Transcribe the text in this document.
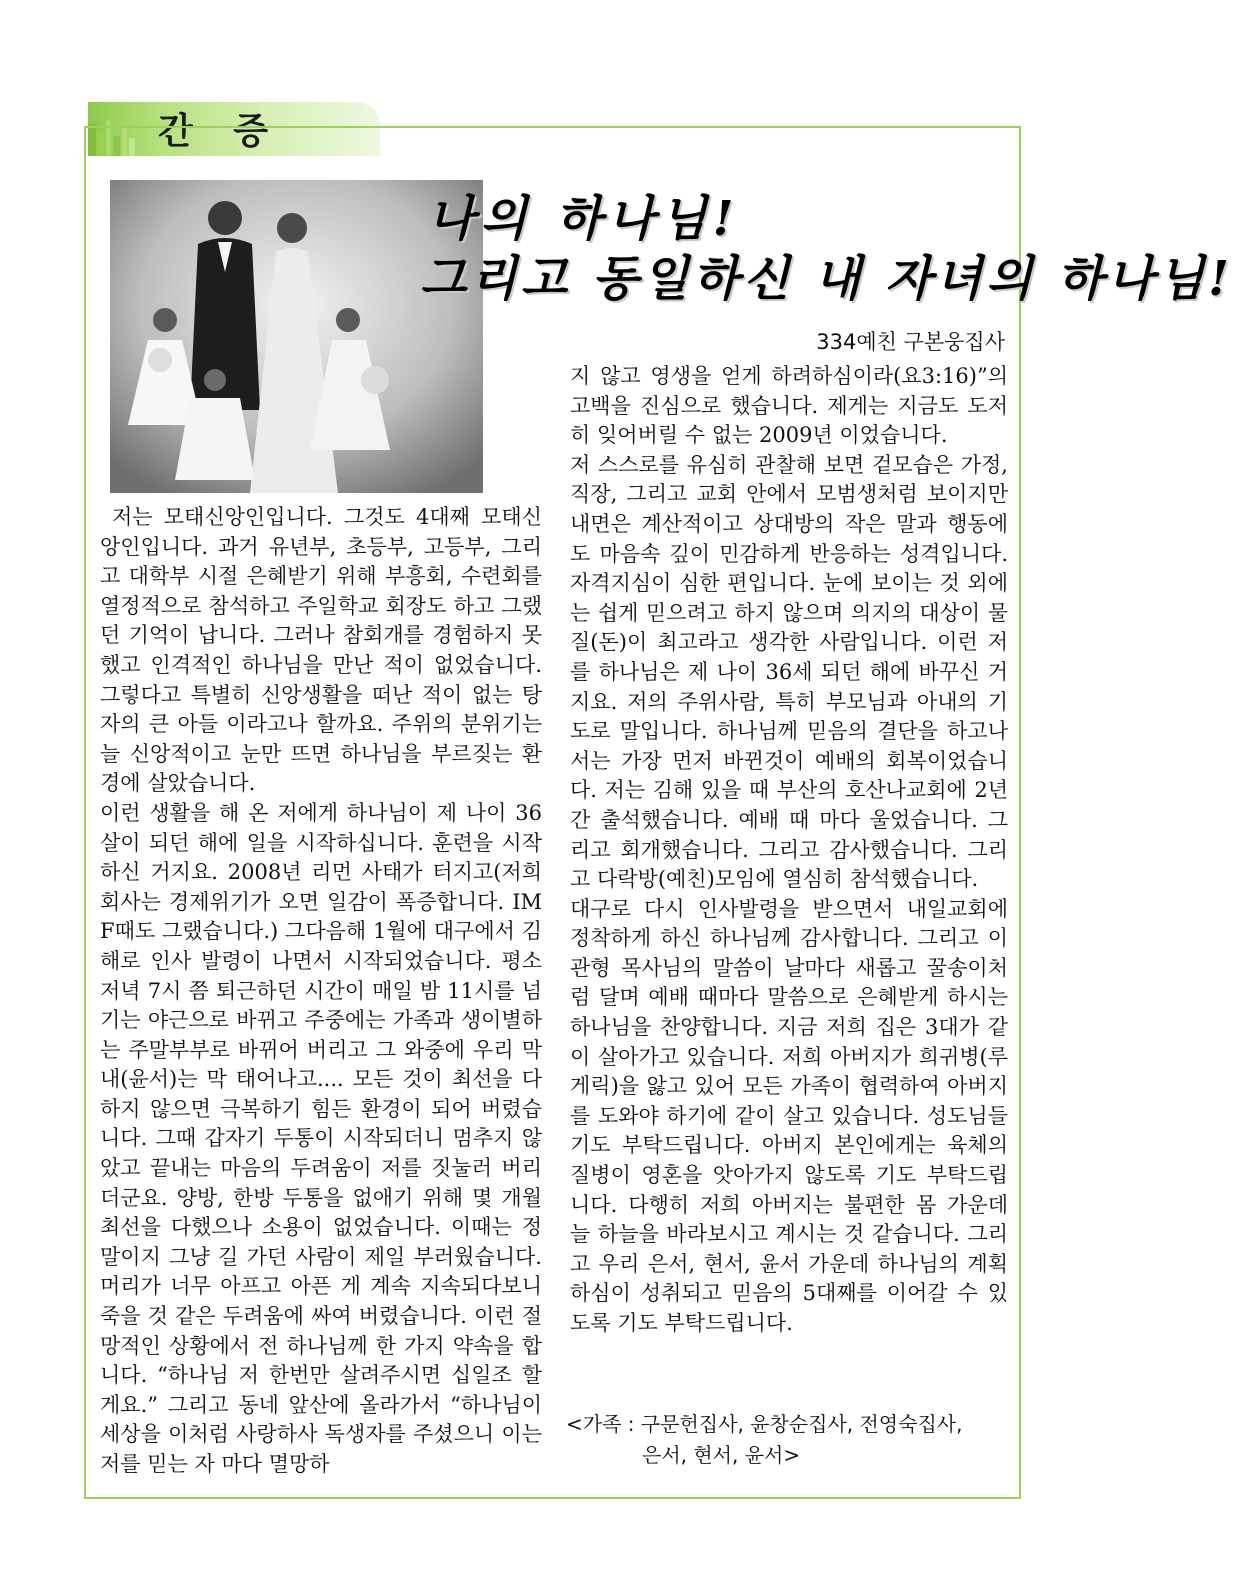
간 증
나의 하나님!
그리고 동일하신 내 자녀의 하나님!
334예친 구본웅집사

저는 모태신앙인입니다. 그것도 4대째 모태신앙인입니다. 과거 유년부, 초등부, 고등부, 그리고 대학부 시절 은혜받기 위해 부흥회, 수련회를 열정적으로 참석하고 주일학교 회장도 하고 그랬던 기억이 납니다. 그러나 참회개를 경험하지 못했고 인격적인 하나님을 만난 적이 없었습니다. 그렇다고 특별히 신앙생활을 떠난 적이 없는 탕자의 큰 아들 이라고나 할까요. 주위의 분위기는 늘 신앙적이고 눈만 뜨면 하나님을 부르짖는 환경에 살았습니다.

이런 생활을 해 온 저에게 하나님이 제 나이 36살이 되던 해에 일을 시작하십니다. 훈련을 시작하신 거지요. 2008년 리먼 사태가 터지고(저희 회사는 경제위기가 오면 일감이 폭증합니다. IMF때도 그랬습니다.) 그다음해 1월에 대구에서 김해로 인사 발령이 나면서 시작되었습니다. 평소 저녁 7시 쯤 퇴근하던 시간이 매일 밤 11시를 넘기는 야근으로 바뀌고 주중에는 가족과 생이별하는 주말부부로 바뀌어 버리고 그 와중에 우리 막내(윤서)는 막 태어나고.... 모든 것이 최선을 다하지 않으면 극복하기 힘든 환경이 되어 버렸습니다. 그때 갑자기 두통이 시작되더니 멈추지 않았고 끝내는 마음의 두려움이 저를 짓눌러 버리더군요. 양방, 한방 두통을 없애기 위해 몇 개월 최선을 다했으나 소용이 없었습니다. 이때는 정말이지 그냥 길 가던 사람이 제일 부러웠습니다. 머리가 너무 아프고 아픈 게 계속 지속되다보니 죽을 것 같은 두려움에 싸여 버렸습니다. 이런 절망적인 상황에서 전 하나님께 한 가지 약속을 합니다. “하나님 저 한번만 살려주시면 십일조 할게요.” 그리고 동네 앞산에 올라가서 “하나님이 세상을 이처럼 사랑하사 독생자를 주셨으니 이는 저를 믿는 자 마다 멸망하

지 않고 영생을 얻게 하려하심이라(요3:16)”의 고백을 진심으로 했습니다. 제게는 지금도 도저히 잊어버릴 수 없는 2009년 이었습니다.

저 스스로를 유심히 관찰해 보면 겉모습은 가정, 직장, 그리고 교회 안에서 모범생처럼 보이지만 내면은 계산적이고 상대방의 작은 말과 행동에도 마음속 깊이 민감하게 반응하는 성격입니다. 자격지심이 심한 편입니다. 눈에 보이는 것 외에는 쉽게 믿으려고 하지 않으며 의지의 대상이 물질(돈)이 최고라고 생각한 사람입니다. 이런 저를 하나님은 제 나이 36세 되던 해에 바꾸신 거지요. 저의 주위사람, 특히 부모님과 아내의 기도로 말입니다. 하나님께 믿음의 결단을 하고나서는 가장 먼저 바뀐것이 예배의 회복이었습니다. 저는 김해 있을 때 부산의 호산나교회에 2년간 출석했습니다. 예배 때 마다 울었습니다. 그리고 회개했습니다. 그리고 감사했습니다. 그리고 다락방(예친)모임에 열심히 참석했습니다.

대구로 다시 인사발령을 받으면서 내일교회에 정착하게 하신 하나님께 감사합니다. 그리고 이관형 목사님의 말씀이 날마다 새롭고 꿀송이처럼 달며 예배 때마다 말씀으로 은혜받게 하시는 하나님을 찬양합니다. 지금 저희 집은 3대가 같이 살아가고 있습니다. 저희 아버지가 희귀병(루게릭)을 앓고 있어 모든 가족이 협력하여 아버지를 도와야 하기에 같이 살고 있습니다. 성도님들 기도 부탁드립니다. 아버지 본인에게는 육체의 질병이 영혼을 앗아가지 않도록 기도 부탁드립니다. 다행히 저희 아버지는 불편한 몸 가운데 늘 하늘을 바라보시고 계시는 것 같습니다. 그리고 우리 은서, 현서, 윤서 가운데 하나님의 계획하심이 성취되고 믿음의 5대째를 이어갈 수 있도록 기도 부탁드립니다.

<가족 : 구문헌집사, 윤창순집사, 전영숙집사,
은서, 현서, 윤서>
